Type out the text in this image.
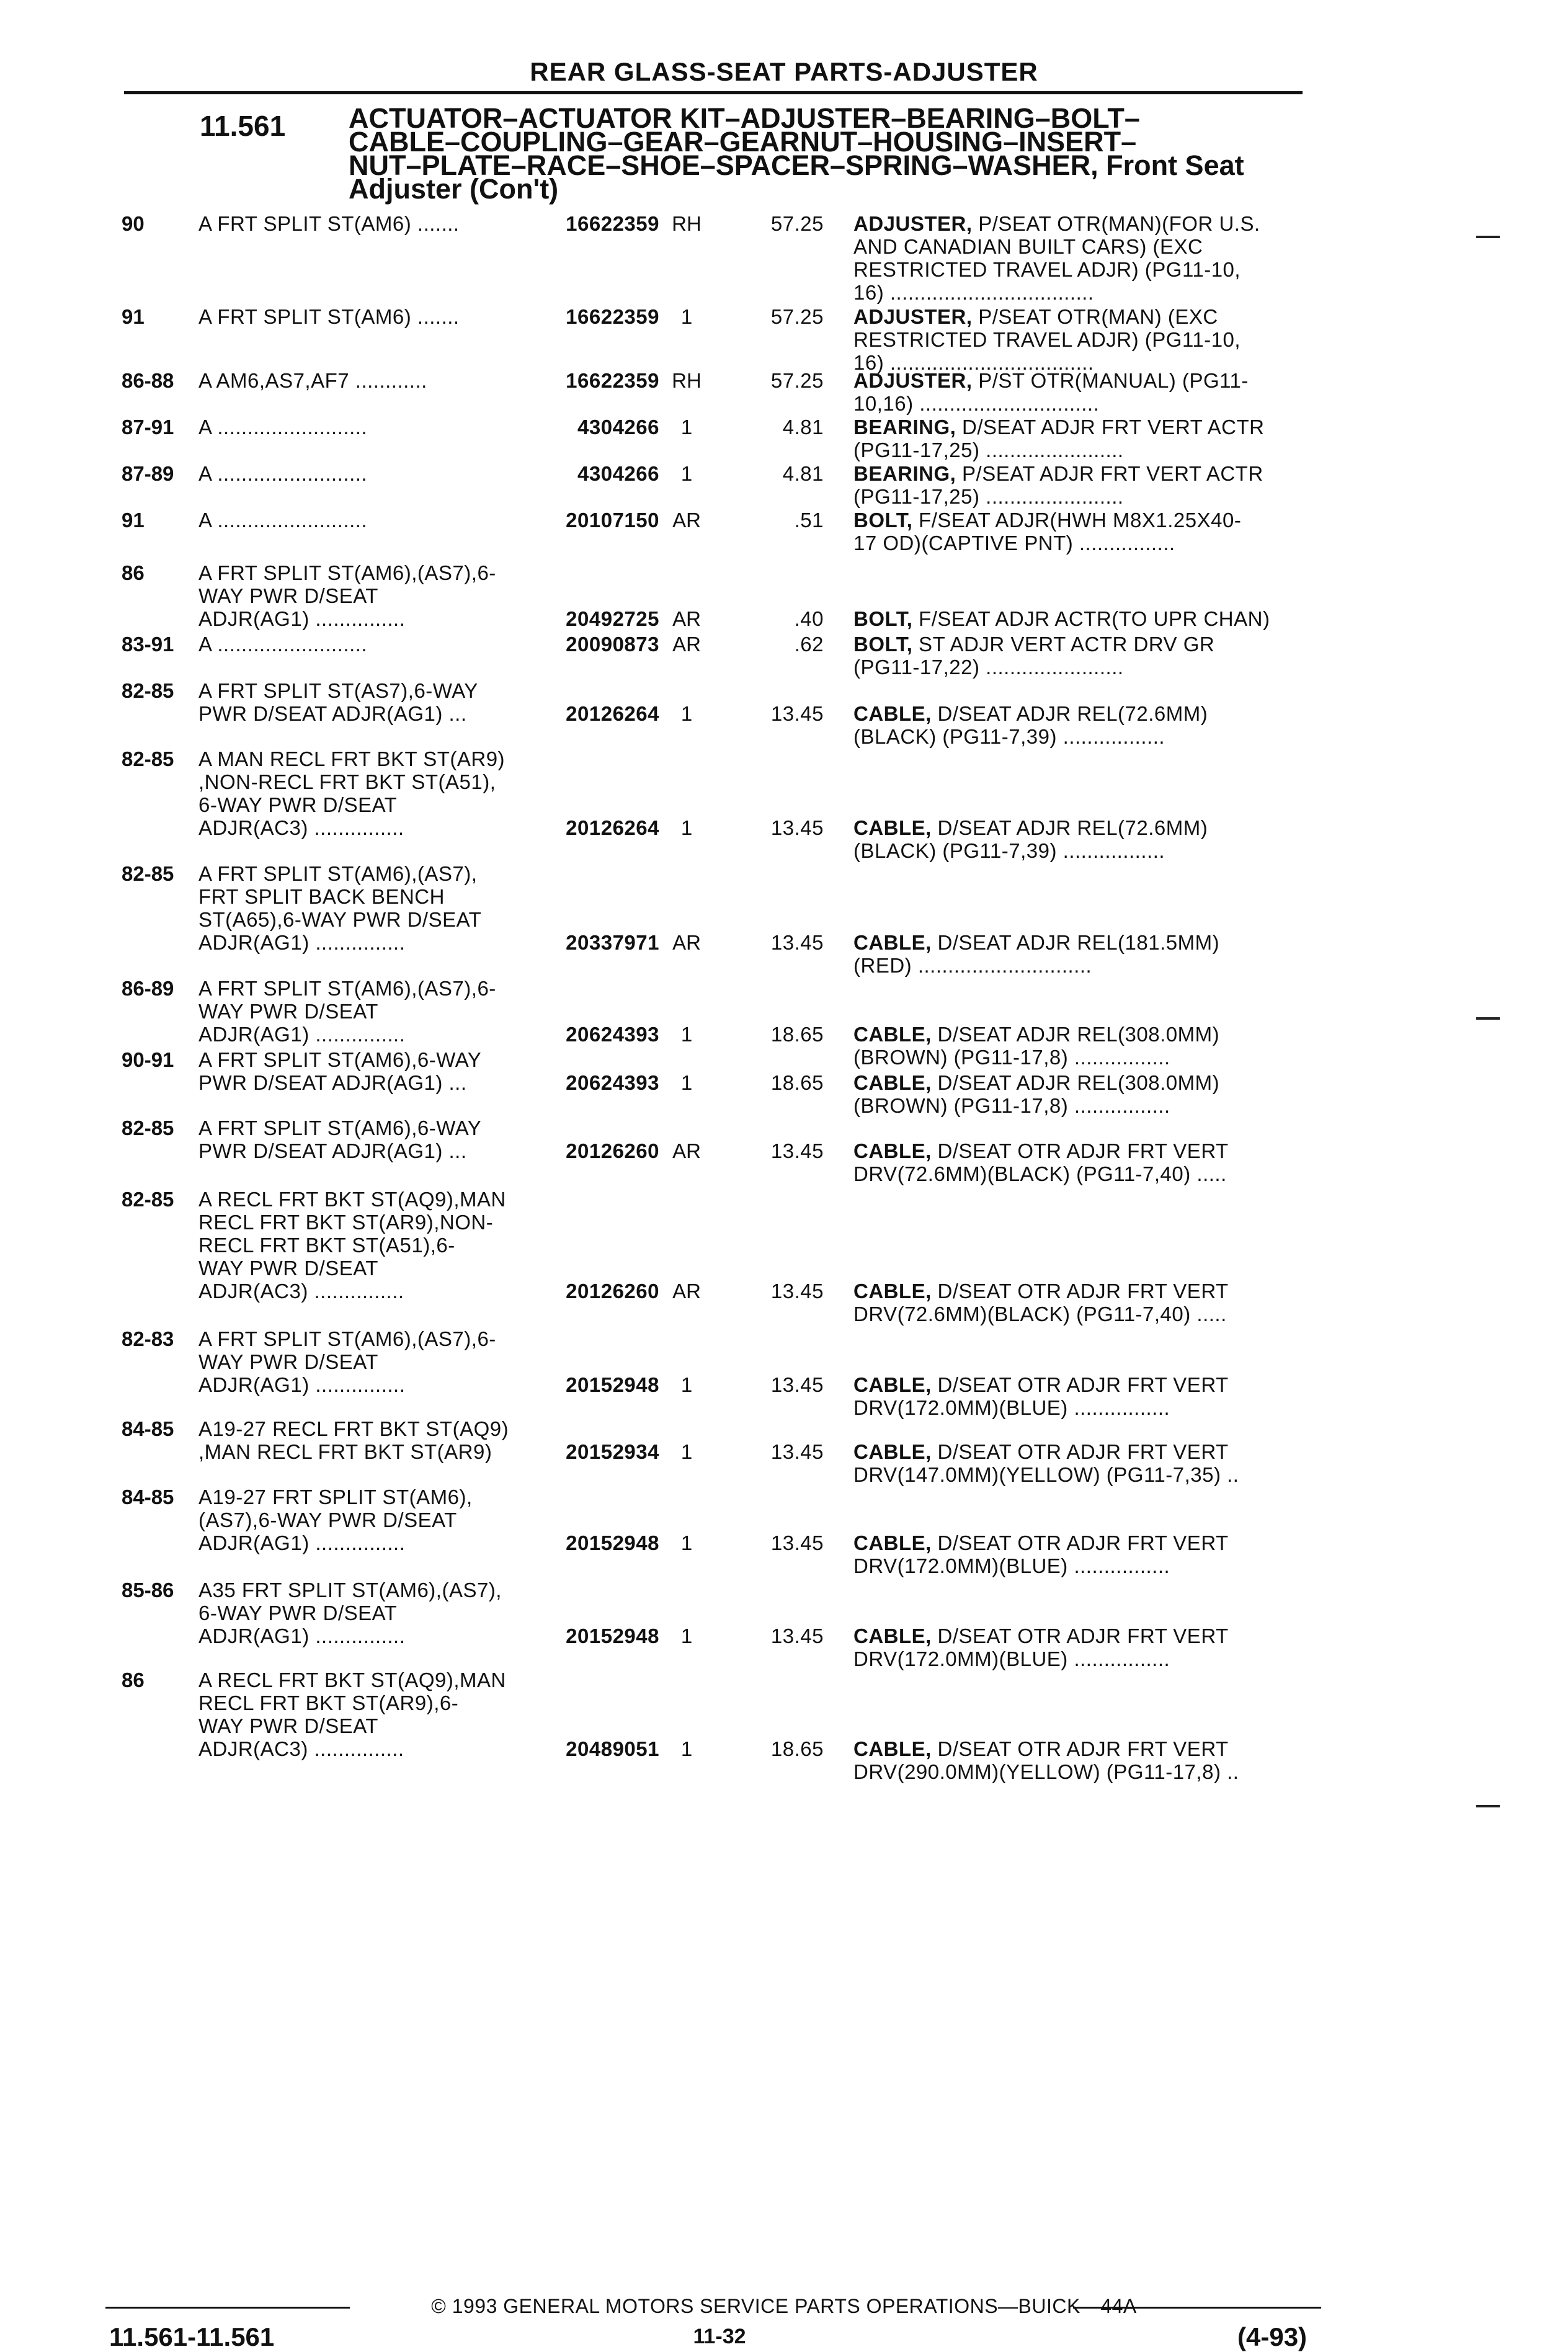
REAR GLASS-SEAT PARTS-ADJUSTER
11.561 ACTUATOR–ACTUATOR KIT–ADJUSTER–BEARING–BOLT–
CABLE–COUPLING–GEAR–GEARNUT–HOUSING–INSERT–
NUT–PLATE–RACE–SHOE–SPACER–SPRING–WASHER, Front Seat
Adjuster (Con't)
90	A FRT SPLIT ST(AM6) .......	16622359 RH	57.25 ADJUSTER, P/SEAT OTR(MAN)(FOR U.S.
AND CANADIAN BUILT CARS) (EXC
RESTRICTED TRAVEL ADJR) (PG11-10,
16) ..................................
91	A FRT SPLIT ST(AM6) .......	16622359	1	57.25 ADJUSTER, P/SEAT OTR(MAN) (EXC
RESTRICTED TRAVEL ADJR) (PG11-10,
16) ..................................
86-88 A AM6,AS7,AF7 ............	16622359 RH	57.25 ADJUSTER, P/ST OTR(MANUAL) (PG11-
10,16) ..............................
87-91 A .........................	4304266	1	4.81 BEARING, D/SEAT ADJR FRT VERT ACTR
(PG11-17,25) .......................
87-89 A .........................	4304266	1	4.81 BEARING, P/SEAT ADJR FRT VERT ACTR
(PG11-17,25) .......................
91	A .........................	20107150 AR	.51 BOLT, F/SEAT ADJR(HWH M8X1.25X40-
17 OD)(CAPTIVE PNT) ................
86	A FRT SPLIT ST(AM6),(AS7),6-
WAY PWR D/SEAT
ADJR(AG1) ...............	20492725 AR	.40 BOLT, F/SEAT ADJR ACTR(TO UPR CHAN)
83-91 A .........................	20090873 AR	.62 BOLT, ST ADJR VERT ACTR DRV GR
(PG11-17,22) .......................
82-85 A FRT SPLIT ST(AS7),6-WAY
PWR D/SEAT ADJR(AG1) ...	20126264	1	13.45 CABLE, D/SEAT ADJR REL(72.6MM)
(BLACK) (PG11-7,39) .................
82-85 A MAN RECL FRT BKT ST(AR9)
,NON-RECL FRT BKT ST(A51),
6-WAY PWR D/SEAT
ADJR(AC3) ...............	20126264	1	13.45 CABLE, D/SEAT ADJR REL(72.6MM)
(BLACK) (PG11-7,39) .................
82-85 A FRT SPLIT ST(AM6),(AS7),
FRT SPLIT BACK BENCH
ST(A65),6-WAY PWR D/SEAT
ADJR(AG1) ...............	20337971 AR	13.45 CABLE, D/SEAT ADJR REL(181.5MM)
(RED) .............................
86-89 A FRT SPLIT ST(AM6),(AS7),6-
WAY PWR D/SEAT
ADJR(AG1) ...............	20624393	1	18.65 CABLE, D/SEAT ADJR REL(308.0MM)
(BROWN) (PG11-17,8) ................
90-91 A FRT SPLIT ST(AM6),6-WAY
PWR D/SEAT ADJR(AG1) ...	20624393	1	18.65 CABLE, D/SEAT ADJR REL(308.0MM)
(BROWN) (PG11-17,8) ................
82-85 A FRT SPLIT ST(AM6),6-WAY
PWR D/SEAT ADJR(AG1) ...	20126260 AR	13.45 CABLE, D/SEAT OTR ADJR FRT VERT
DRV(72.6MM)(BLACK) (PG11-7,40) .....
82-85 A RECL FRT BKT ST(AQ9),MAN
RECL FRT BKT ST(AR9),NON-
RECL FRT BKT ST(A51),6-
WAY PWR D/SEAT
ADJR(AC3) ...............	20126260 AR	13.45 CABLE, D/SEAT OTR ADJR FRT VERT
DRV(72.6MM)(BLACK) (PG11-7,40) .....
82-83 A FRT SPLIT ST(AM6),(AS7),6-
WAY PWR D/SEAT
ADJR(AG1) ...............	20152948	1	13.45 CABLE, D/SEAT OTR ADJR FRT VERT
DRV(172.0MM)(BLUE) ................
84-85 A19-27 RECL FRT BKT ST(AQ9)
,MAN RECL FRT BKT ST(AR9)	20152934	1	13.45 CABLE, D/SEAT OTR ADJR FRT VERT
DRV(147.0MM)(YELLOW) (PG11-7,35) ..
84-85 A19-27 FRT SPLIT ST(AM6),
(AS7),6-WAY PWR D/SEAT
ADJR(AG1) ...............	20152948	1	13.45 CABLE, D/SEAT OTR ADJR FRT VERT
DRV(172.0MM)(BLUE) ................
85-86 A35 FRT SPLIT ST(AM6),(AS7),
6-WAY PWR D/SEAT
ADJR(AG1) ...............	20152948	1	13.45 CABLE, D/SEAT OTR ADJR FRT VERT
DRV(172.0MM)(BLUE) ................
86	A RECL FRT BKT ST(AQ9),MAN
RECL FRT BKT ST(AR9),6-
WAY PWR D/SEAT
ADJR(AC3) ...............	20489051	1	18.65 CABLE, D/SEAT OTR ADJR FRT VERT
DRV(290.0MM)(YELLOW) (PG11-17,8) ..
© 1993 GENERAL MOTORS SERVICE PARTS OPERATIONS—BUICK—44A
11.561-11.561	11-32	(4-93)
